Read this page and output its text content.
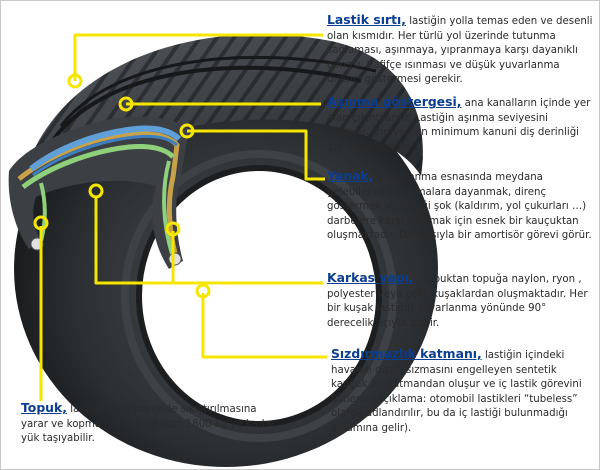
Lastik sırtı, lastiğin yolla temas eden ve desenli olan kısmıdır. Her türlü yol üzerinde tutunma sağlaması, aşınmaya, yıpranmaya karşı dayanıklı olması, hafifçe ısınması ve düşük yuvarlanma direnci göstermesi gerekir.
Aşınma göstergesi, ana kanalların içinde yer alan çıkıntılardır. Lastiğin aşınma seviyesini gösterir. İzin verilen minimum kanuni diş derinliği 1,6 milimetredir.
Yanak, yuvarlanma esnasında meydana gelebilecek bozulmalara dayanmak, direnç göstermek ve lastiği şok (kaldırım, yol çukurları …) darbelere karşı korumak için esnek bir kauçuktan oluşmaktadır. Dolayısıyla bir amortisör görevi görür.
Karkas yapı, , topuktan topuğa naylon, ryon , polyester veya çelik kuşaklardan oluşmaktadır. Her bir kuşak lastiğin yuvarlanma yönünde 90° derecelik açıyla dizilir.
Sızdırmazlık katmanı, lastiğin içindeki havanın dışarı sızmasını engelleyen sentetik kauçuk bir katmandan oluşur ve iç lastik görevini üstlenir (Açıklama: otomobil lastikleri “tubeless” olarak adlandırılır, bu da iç lastiği bulunmadığı anlamına gelir).
Topuk, lastiğin jant üzerinde sıkıştırılmasına yarar ve kopma riski olmaksızın 1800 kg’ye kadar yük taşıyabilir.
